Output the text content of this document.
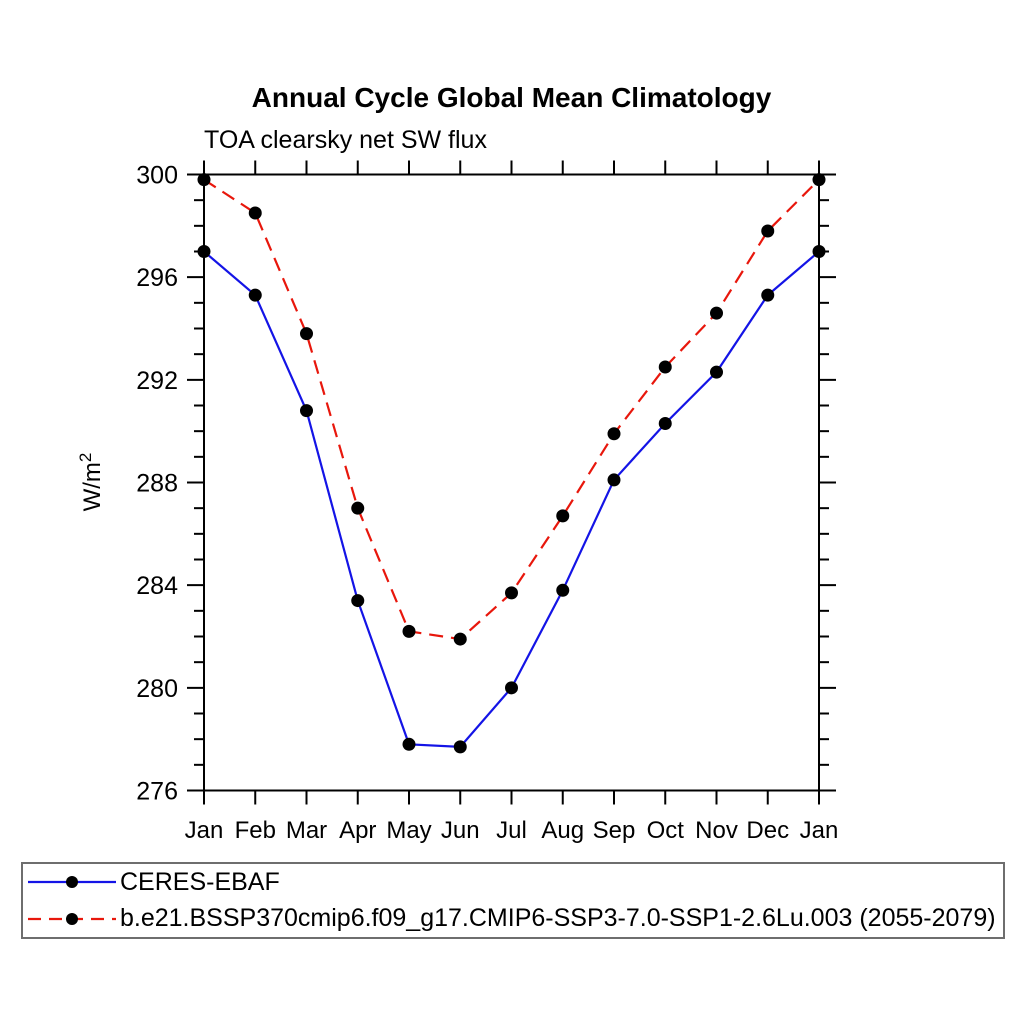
Annual Cycle Global Mean Climatology
TOA clearsky net SW flux
Jan Feb Mar Apr May Jun Jul Aug Sep Oct Nov Dec Jan
276
280
284
288
292
296
300
$W/m^2$
CERES-EBAF
b.e21.BSSP370cmip6.f09_g17.CMIP6-SSP3-7.0-SSP1-2.6Lu.003 (2055-2079)
